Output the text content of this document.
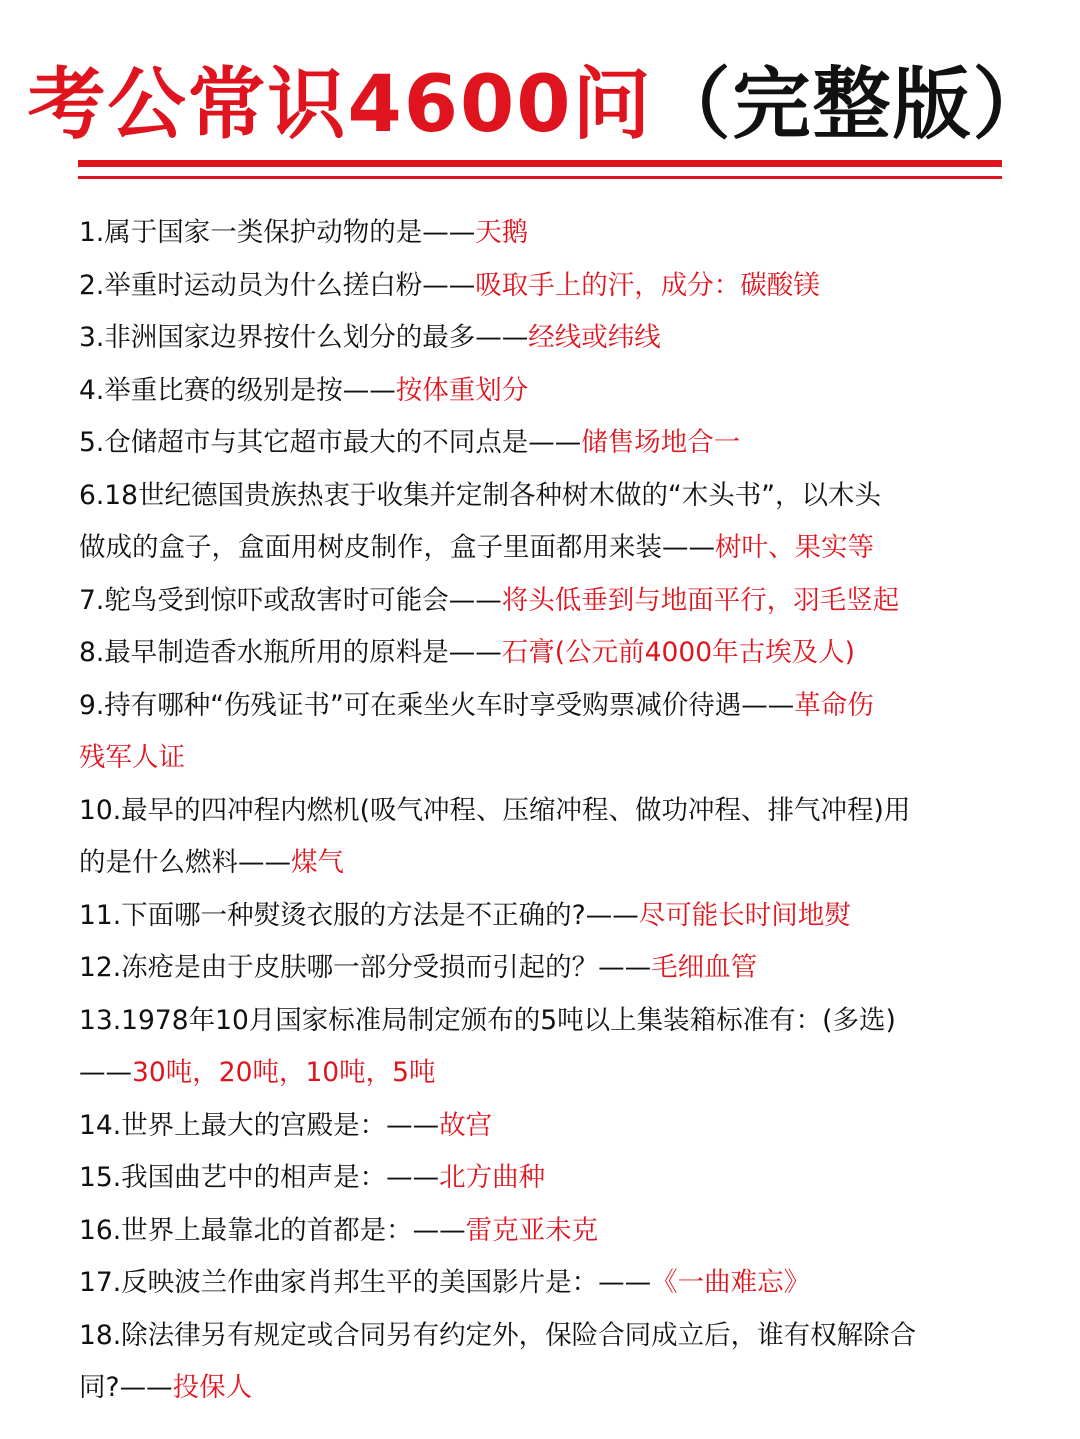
考公常识4600问（完整版）
1.属于国家一类保护动物的是——天鹅
2.举重时运动员为什么搓白粉——吸取手上的汗，成分：碳酸镁
3.非洲国家边界按什么划分的最多——经线或纬线
4.举重比赛的级别是按——按体重划分
5.仓储超市与其它超市最大的不同点是——储售场地合一
6.18世纪德国贵族热衷于收集并定制各种树木做的“木头书”，以木头
做成的盒子，盒面用树皮制作，盒子里面都用来装——树叶、果实等
7.鸵鸟受到惊吓或敌害时可能会——将头低垂到与地面平行，羽毛竖起
8.最早制造香水瓶所用的原料是——石膏(公元前4000年古埃及人)
9.持有哪种“伤残证书”可在乘坐火车时享受购票减价待遇——革命伤
残军人证
10.最早的四冲程内燃机(吸气冲程、压缩冲程、做功冲程、排气冲程)用
的是什么燃料——煤气
11.下面哪一种熨烫衣服的方法是不正确的?——尽可能长时间地熨
12.冻疮是由于皮肤哪一部分受损而引起的？——毛细血管
13.1978年10月国家标准局制定颁布的5吨以上集装箱标准有：(多选)
——30吨，20吨，10吨，5吨
14.世界上最大的宫殿是：——故宫
15.我国曲艺中的相声是：——北方曲种
16.世界上最靠北的首都是：——雷克亚未克
17.反映波兰作曲家肖邦生平的美国影片是：——《一曲难忘》
18.除法律另有规定或合同另有约定外，保险合同成立后，谁有权解除合
同?——投保人
